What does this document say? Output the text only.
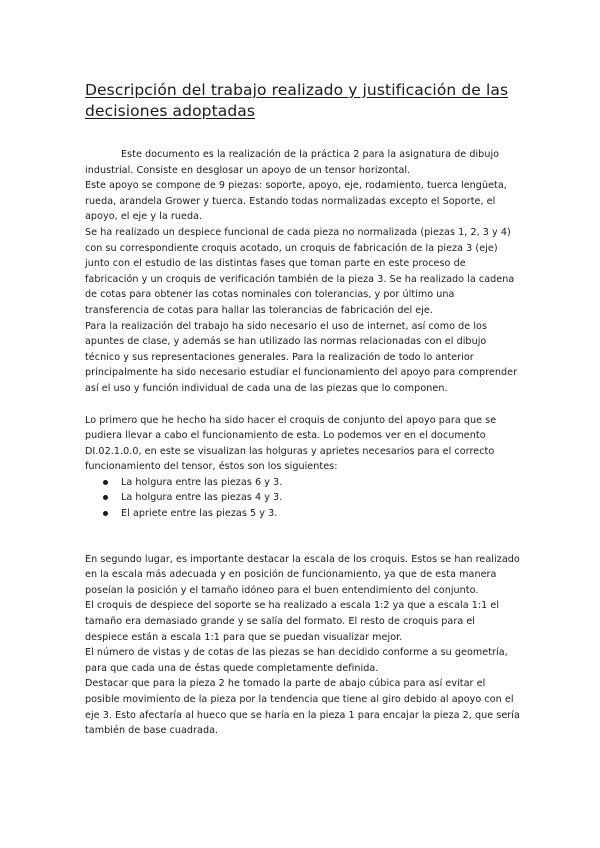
Descripción del trabajo realizado y justificación de las decisiones adoptadas

Este documento es la realización de la práctica 2 para la asignatura de dibujo industrial. Consiste en desglosar un apoyo de un tensor horizontal.

Este apoyo se compone de 9 piezas: soporte, apoyo, eje, rodamiento, tuerca lengüeta, rueda, arandela Grower y tuerca. Estando todas normalizadas excepto el Soporte, el apoyo, el eje y la rueda.

Se ha realizado un despiece funcional de cada pieza no normalizada (piezas 1, 2, 3 y 4) con su correspondiente croquis acotado, un croquis de fabricación de la pieza 3 (eje) junto con el estudio de las distintas fases que toman parte en este proceso de fabricación y un croquis de verificación también de la pieza 3. Se ha realizado la cadena de cotas para obtener las cotas nominales con tolerancias, y por último una transferencia de cotas para hallar las tolerancias de fabricación del eje.

Para la realización del trabajo ha sido necesario el uso de internet, así como de los apuntes de clase, y además se han utilizado las normas relacionadas con el dibujo técnico y sus representaciones generales. Para la realización de todo lo anterior principalmente ha sido necesario estudiar el funcionamiento del apoyo para comprender así el uso y función individual de cada una de las piezas que lo componen.

Lo primero que he hecho ha sido hacer el croquis de conjunto del apoyo para que se pudiera llevar a cabo el funcionamiento de esta. Lo podemos ver en el documento DI.02.1.0.0, en este se visualizan las holguras y aprietes necesarios para el correcto funcionamiento del tensor, éstos son los siguientes:

La holgura entre las piezas 6 y 3.
La holgura entre las piezas 4 y 3.
El apriete entre las piezas 5 y 3.

En segundo lugar, es importante destacar la escala de los croquis. Estos se han realizado en la escala más adecuada y en posición de funcionamiento, ya que de esta manera poseían la posición y el tamaño idóneo para el buen entendimiento del conjunto.

El croquis de despiece del soporte se ha realizado a escala 1:2 ya que a escala 1:1 el tamaño era demasiado grande y se salía del formato. El resto de croquis para el despiece están a escala 1:1 para que se puedan visualizar mejor.

El número de vistas y de cotas de las piezas se han decidido conforme a su geometría, para que cada una de éstas quede completamente definida.

Destacar que para la pieza 2 he tomado la parte de abajo cúbica para así evitar el posible movimiento de la pieza por la tendencia que tiene al giro debido al apoyo con el eje 3. Esto afectaría al hueco que se haría en la pieza 1 para encajar la pieza 2, que sería también de base cuadrada.
